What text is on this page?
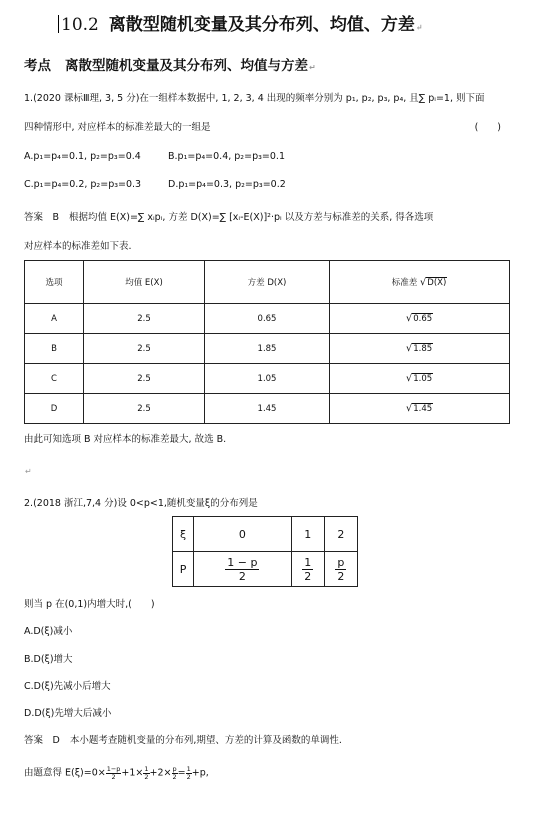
10.2 离散型随机变量及其分布列、均值、方差↵
考点 离散型随机变量及其分布列、均值与方差↵
1.(2020 课标Ⅲ理, 3, 5 分)在一组样本数据中, 1, 2, 3, 4 出现的频率分别为 p₁, p₂, p₃, p₄, 且∑ pᵢ=1, 则下面
四种情形中, 对应样本的标准差最大的一组是	(　　)
A.p₁=p₄=0.1, p₂=p₃=0.4	B.p₁=p₄=0.4, p₂=p₃=0.1
C.p₁=p₄=0.2, p₂=p₃=0.3	D.p₁=p₄=0.3, p₂=p₃=0.2
答案　B 根据均值 E(X)=∑ xᵢpᵢ, 方差 D(X)=∑ [xᵢ-E(X)]²·pᵢ 以及方差与标准差的关系, 得各选项
对应样本的标准差如下表.
选项	均值 E(X)	方差 D(X)	标准差 √D(X)
A	2.5	0.65	√0.65
B	2.5	1.85	√1.85
C	2.5	1.05	√1.05
D	2.5	1.45	√1.45
由此可知选项 B 对应样本的标准差最大, 故选 B.
↵
2.(2018 浙江,7,4 分)设 0<p<1,随机变量ξ的分布列是
ξ	0	1	2
P	$\frac{1 - p}{2}$	$\frac{1}{2}$	$\frac{p}{2}$
则当 p 在(0,1)内增大时,(　　)
A.D(ξ)减小
B.D(ξ)增大
C.D(ξ)先减小后增大
D.D(ξ)先增大后减小
答案　D 本小题考查随机变量的分布列,期望、方差的计算及函数的单调性.
由题意得 $E(\xi)=0\times \frac{1-p}{2} +1\times \frac{1}{2} +2\times \frac{p}{2} = \frac{1}{2} +p$,
